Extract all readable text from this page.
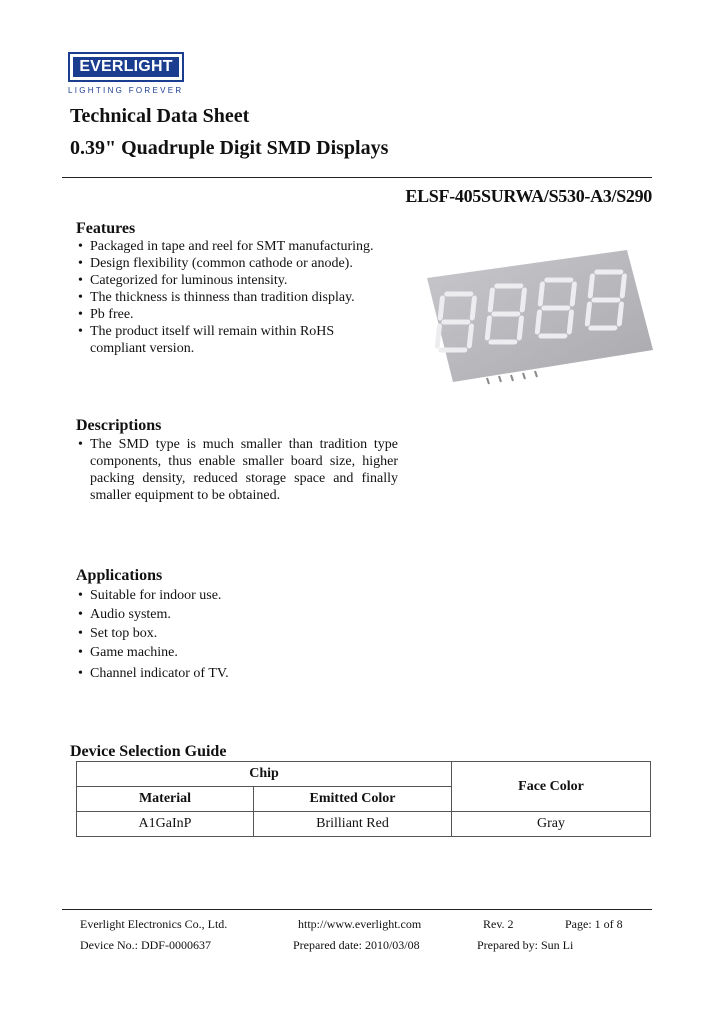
EVERLIGHT
LIGHTING FOREVER
Technical Data Sheet
0.39" Quadruple Digit SMD Displays
ELSF-405SURWA/S530-A3/S290
Features
• Packaged in tape and reel for SMT manufacturing.
• Design flexibility (common cathode or anode).
• Categorized for luminous intensity.
• The thickness is thinness than tradition display.
• Pb free.
• The product itself will remain within RoHS compliant version.
Descriptions
• The SMD type is much smaller than tradition type components, thus enable smaller board size, higher packing density, reduced storage space and finally smaller equipment to be obtained.
Applications
• Suitable for indoor use.
• Audio system.
• Set top box.
• Game machine.
• Channel indicator of TV.
Device Selection Guide
Chip		Face Color
Material	Emitted Color	
A1GaInP	Brilliant Red	Gray
Everlight Electronics Co., Ltd.	http://www.everlight.com	Rev. 2	Page: 1 of 8
Device No.: DDF-0000637	Prepared date: 2010/03/08	Prepared by: Sun Li
